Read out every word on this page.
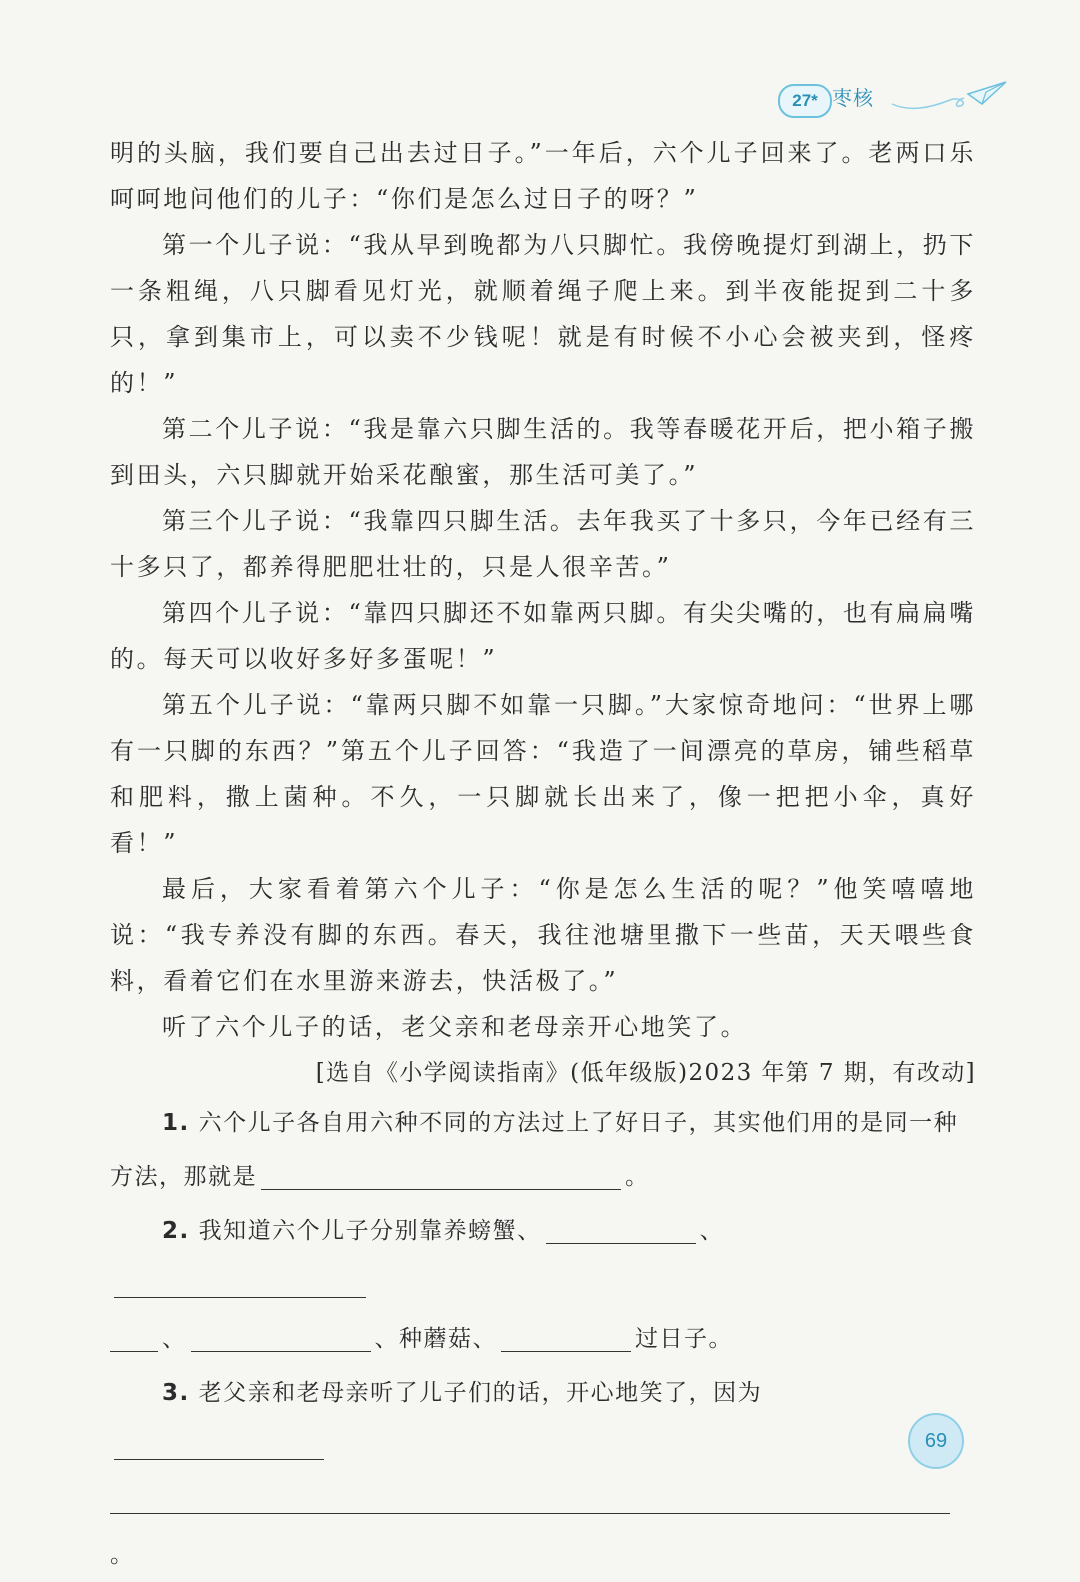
27* 枣核

明的头脑，我们要自己出去过日子。”一年后，六个儿子回来了。老两口乐呵呵地问他们的儿子：“你们是怎么过日子的呀？”

第一个儿子说：“我从早到晚都为八只脚忙。我傍晚提灯到湖上，扔下一条粗绳，八只脚看见灯光，就顺着绳子爬上来。到半夜能捉到二十多只，拿到集市上，可以卖不少钱呢！就是有时候不小心会被夹到，怪疼的！”

第二个儿子说：“我是靠六只脚生活的。我等春暖花开后，把小箱子搬到田头，六只脚就开始采花酿蜜，那生活可美了。”

第三个儿子说：“我靠四只脚生活。去年我买了十多只，今年已经有三十多只了，都养得肥肥壮壮的，只是人很辛苦。”

第四个儿子说：“靠四只脚还不如靠两只脚。有尖尖嘴的，也有扁扁嘴的。每天可以收好多好多蛋呢！”

第五个儿子说：“靠两只脚不如靠一只脚。”大家惊奇地问：“世界上哪有一只脚的东西？”第五个儿子回答：“我造了一间漂亮的草房，铺些稻草和肥料，撒上菌种。不久，一只脚就长出来了，像一把把小伞，真好看！”

最后，大家看着第六个儿子：“你是怎么生活的呢？”他笑嘻嘻地说：“我专养没有脚的东西。春天，我往池塘里撒下一些苗，天天喂些食料，看着它们在水里游来游去，快活极了。”

听了六个儿子的话，老父亲和老母亲开心地笑了。

[选自《小学阅读指南》(低年级版)2023 年第 7 期，有改动]

1. 六个儿子各自用六种不同的方法过上了好日子，其实他们用的是同一种方法，那就是	。

2. 我知道六个儿子分别靠养螃蟹、	、
、	、种蘑菇、	过日子。

3. 老父亲和老母亲听了儿子们的话，开心地笑了，因为
。

69
